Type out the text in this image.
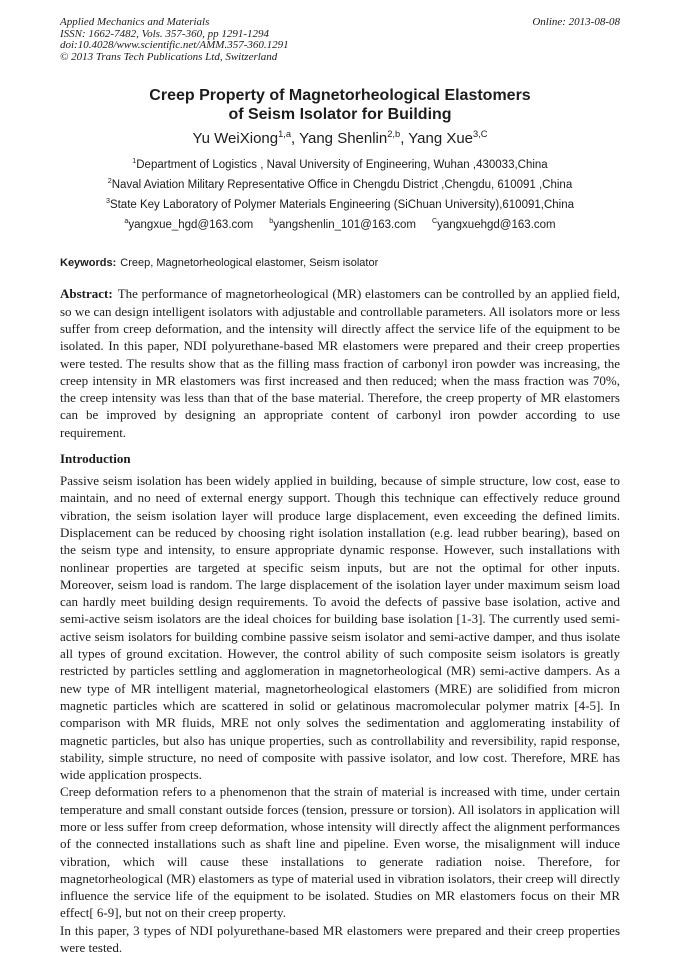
Applied Mechanics and Materials	Online: 2013-08-08
ISSN: 1662-7482, Vols. 357-360, pp 1291-1294
doi:10.4028/www.scientific.net/AMM.357-360.1291
© 2013 Trans Tech Publications Ltd, Switzerland
Creep Property of Magnetorheological Elastomers
of Seism Isolator for Building
Yu WeiXiong$^{1,a}$, Yang Shenlin$^{2,b}$, Yang Xue$^{3,C}$
$^1$Department of Logistics , Naval University of Engineering, Wuhan ,430033,China
$^2$Naval Aviation Military Representative Office in Chengdu District ,Chengdu, 610091 ,China
$^3$State Key Laboratory of Polymer Materials Engineering (SiChuan University),610091,China
$^a$yangxue_hgd@163.com $^b$yangshenlin_101@163.com $^C$yangxuehgd@163.com

Keywords: Creep, Magnetorheological elastomer, Seism isolator

Abstract: The performance of magnetorheological (MR) elastomers can be controlled by an applied field, so we can design intelligent isolators with adjustable and controllable parameters. All isolators more or less suffer from creep deformation, and the intensity will directly affect the service life of the equipment to be isolated. In this paper, NDI polyurethane-based MR elastomers were prepared and their creep properties were tested. The results show that as the filling mass fraction of carbonyl iron powder was increasing, the creep intensity in MR elastomers was first increased and then reduced; when the mass fraction was 70%, the creep intensity was less than that of the base material. Therefore, the creep property of MR elastomers can be improved by designing an appropriate content of carbonyl iron powder according to use requirement.

Introduction

Passive seism isolation has been widely applied in building, because of simple structure, low cost, ease to maintain, and no need of external energy support. Though this technique can effectively reduce ground vibration, the seism isolation layer will produce large displacement, even exceeding the defined limits. Displacement can be reduced by choosing right isolation installation (e.g. lead rubber bearing), based on the seism type and intensity, to ensure appropriate dynamic response. However, such installations with nonlinear properties are targeted at specific seism inputs, but are not the optimal for other inputs. Moreover, seism load is random. The large displacement of the isolation layer under maximum seism load can hardly meet building design requirements. To avoid the defects of passive base isolation, active and semi-active seism isolators are the ideal choices for building base isolation [1-3]. The currently used semi-active seism isolators for building combine passive seism isolator and semi-active damper, and thus isolate all types of ground excitation. However, the control ability of such composite seism isolators is greatly restricted by particles settling and agglomeration in magnetorheological (MR) semi-active dampers. As a new type of MR intelligent material, magnetorheological elastomers (MRE) are solidified from micron magnetic particles which are scattered in solid or gelatinous macromolecular polymer matrix [4-5]. In comparison with MR fluids, MRE not only solves the sedimentation and agglomerating instability of magnetic particles, but also has unique properties, such as controllability and reversibility, rapid response, stability, simple structure, no need of composite with passive isolator, and low cost. Therefore, MRE has wide application prospects.

Creep deformation refers to a phenomenon that the strain of material is increased with time, under certain temperature and small constant outside forces (tension, pressure or torsion). All isolators in application will more or less suffer from creep deformation, whose intensity will directly affect the alignment performances of the connected installations such as shaft line and pipeline. Even worse, the misalignment will induce vibration, which will cause these installations to generate radiation noise. Therefore, for magnetorheological (MR) elastomers as type of material used in vibration isolators, their creep will directly influence the service life of the equipment to be isolated. Studies on MR elastomers focus on their MR effect[ 6-9], but not on their creep property.

In this paper, 3 types of NDI polyurethane-based MR elastomers were prepared and their creep properties were tested.
